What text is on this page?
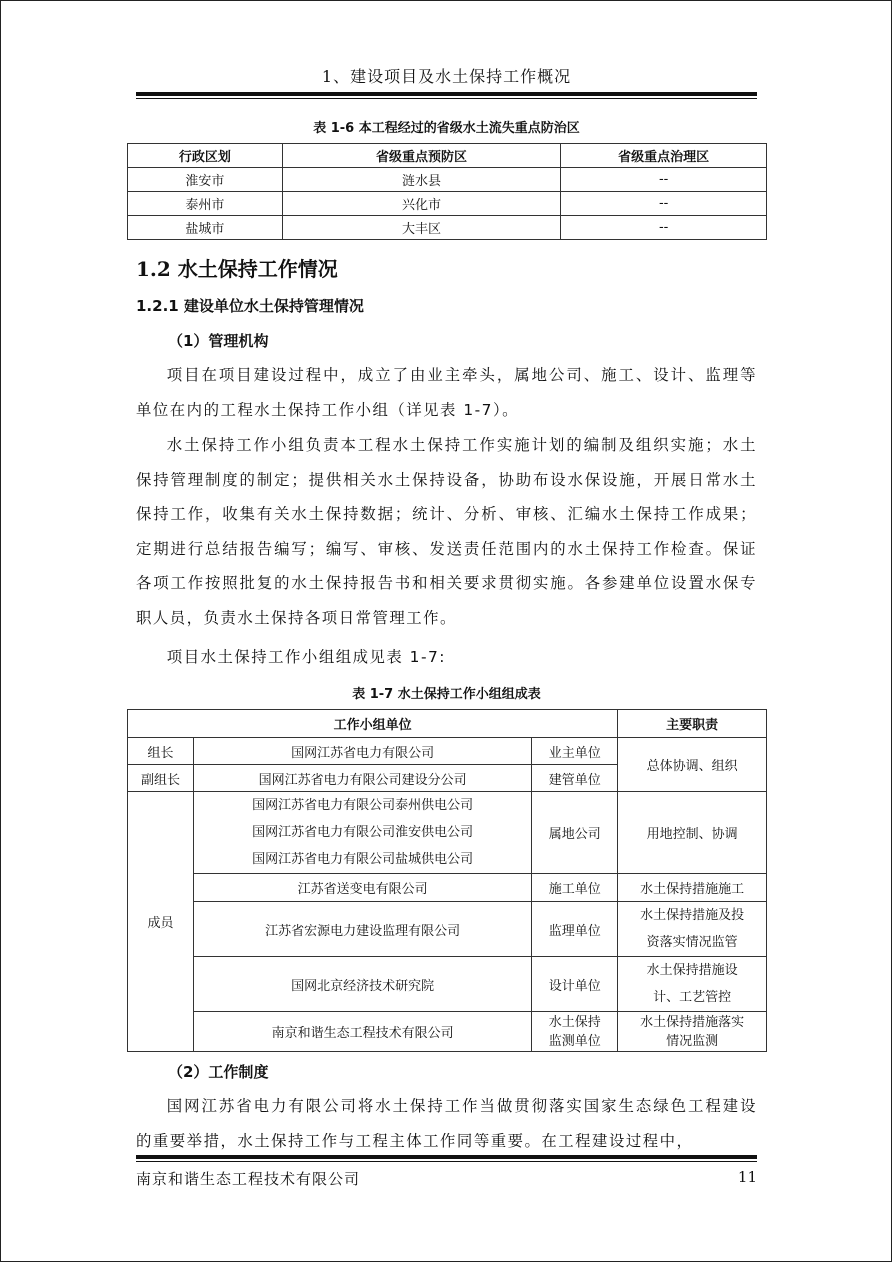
1、建设项目及水土保持工作概况
表 1-6 本工程经过的省级水土流失重点防治区
行政区划	省级重点预防区	省级重点治理区
淮安市	涟水县	--
泰州市	兴化市	--
盐城市	大丰区	--
1.2 水土保持工作情况
1.2.1 建设单位水土保持管理情况
（1）管理机构

项目在项目建设过程中，成立了由业主牵头，属地公司、施工、设计、监理等单位在内的工程水土保持工作小组（详见表 1-7）。

水土保持工作小组负责本工程水土保持工作实施计划的编制及组织实施；水土保持管理制度的制定；提供相关水土保持设备，协助布设水保设施，开展日常水土保持工作，收集有关水土保持数据；统计、分析、审核、汇编水土保持工作成果；定期进行总结报告编写；编写、审核、发送责任范围内的水土保持工作检查。保证各项工作按照批复的水土保持报告书和相关要求贯彻实施。各参建单位设置水保专职人员，负责水土保持各项日常管理工作。

项目水土保持工作小组组成见表 1-7:

表 1-7 水土保持工作小组组成表
工作小组单位			主要职责
组长	国网江苏省电力有限公司	业主单位	总体协调、组织
副组长	国网江苏省电力有限公司建设分公司	建管单位	
成员	国网江苏省电力有限公司泰州供电公司
国网江苏省电力有限公司淮安供电公司
国网江苏省电力有限公司盐城供电公司	属地公司	用地控制、协调
	江苏省送变电有限公司	施工单位	水土保持措施施工
	江苏省宏源电力建设监理有限公司	监理单位	水土保持措施及投
资落实情况监管

	国网北京经济技术研究院	设计单位	水土保持措施设
计、工艺管控

	南京和谐生态工程技术有限公司	水土保持
监测单位	水土保持措施落实
情况监测
（2）工作制度

国网江苏省电力有限公司将水土保持工作当做贯彻落实国家生态绿色工程建设的重要举措，水土保持工作与工程主体工作同等重要。在工程建设过程中，

南京和谐生态工程技术有限公司	11
